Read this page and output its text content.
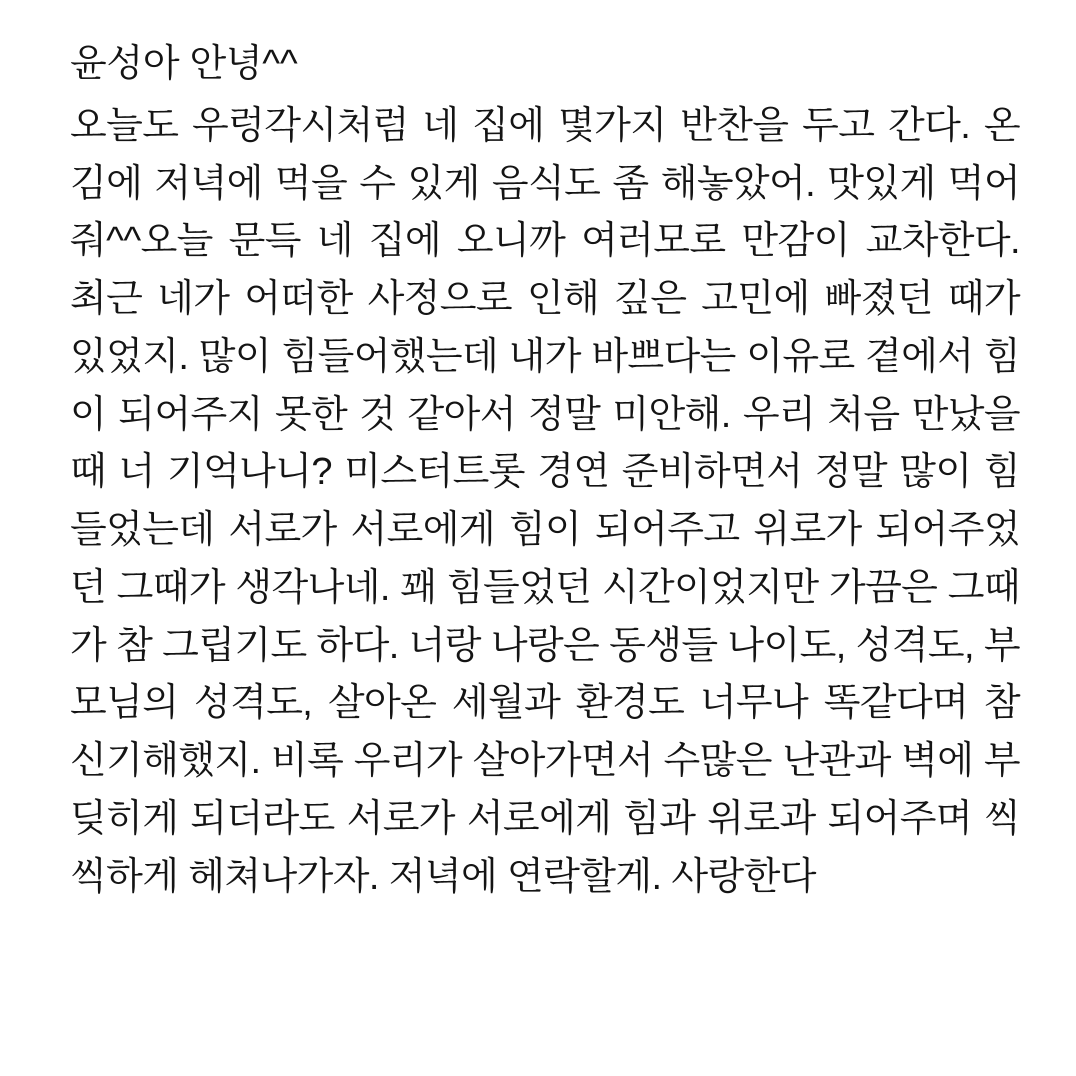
윤성아 안녕^^

오늘도 우렁각시처럼 네 집에 몇가지 반찬을 두고 간다. 온 김에 저녁에 먹을 수 있게 음식도 좀 해놓았어. 맛있게 먹어줘^^오늘 문득 네 집에 오니까 여러모로 만감이 교차한다. 최근 네가 어떠한 사정으로 인해 깊은 고민에 빠졌던 때가 있었지. 많이 힘들어했는데 내가 바쁘다는 이유로 곁에서 힘이 되어주지 못한 것 같아서 정말 미안해. 우리 처음 만났을때 너 기억나니? 미스터트롯 경연 준비하면서 정말 많이 힘들었는데 서로가 서로에게 힘이 되어주고 위로가 되어주었던 그때가 생각나네. 꽤 힘들었던 시간이었지만 가끔은 그때가 참 그립기도 하다. 너랑 나랑은 동생들 나이도, 성격도, 부모님의 성격도, 살아온 세월과 환경도 너무나 똑같다며 참 신기해했지. 비록 우리가 살아가면서 수많은 난관과 벽에 부딪히게 되더라도 서로가 서로에게 힘과 위로과 되어주며 씩씩하게 헤쳐나가자. 저녁에 연락할게. 사랑한다
